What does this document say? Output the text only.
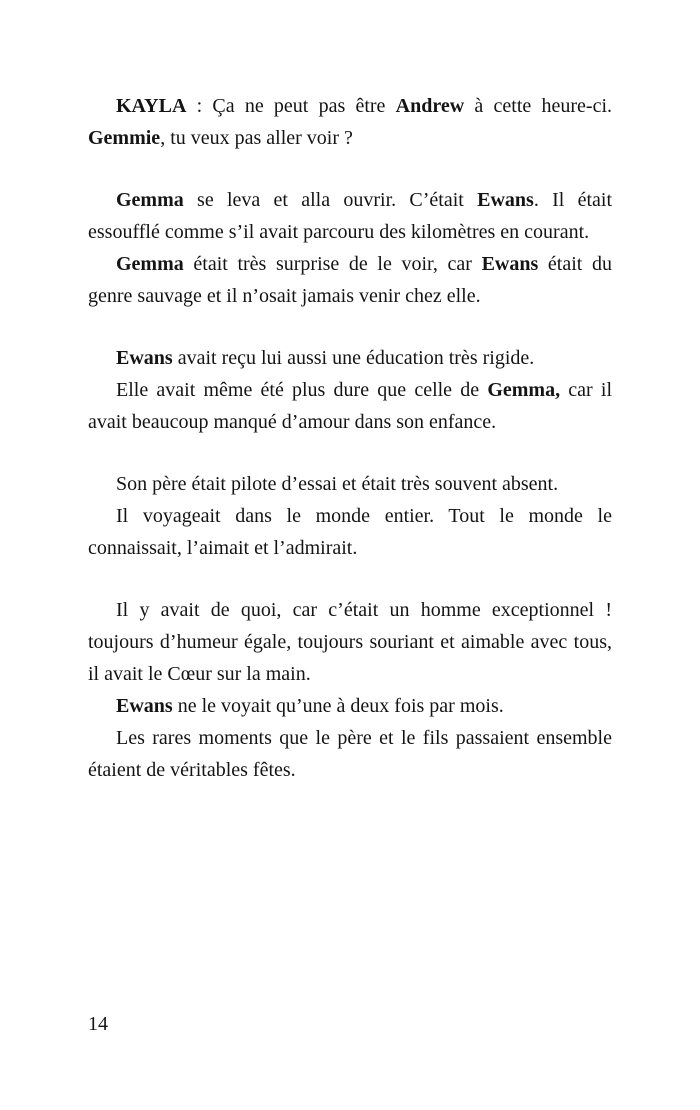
KAYLA : Ça ne peut pas être Andrew à cette heure-ci. Gemmie, tu veux pas aller voir ?

Gemma se leva et alla ouvrir. C’était Ewans. Il était essoufflé comme s’il avait parcouru des kilomètres en courant.

Gemma était très surprise de le voir, car Ewans était du genre sauvage et il n’osait jamais venir chez elle.

Ewans avait reçu lui aussi une éducation très rigide.

Elle avait même été plus dure que celle de Gemma, car il avait beaucoup manqué d’amour dans son enfance.

Son père était pilote d’essai et était très souvent absent.

Il voyageait dans le monde entier. Tout le monde le connaissait, l’aimait et l’admirait.

Il y avait de quoi, car c’était un homme exceptionnel ! toujours d’humeur égale, toujours souriant et aimable avec tous, il avait le Cœur sur la main.

Ewans ne le voyait qu’une à deux fois par mois.

Les rares moments que le père et le fils passaient ensemble étaient de véritables fêtes.

14
